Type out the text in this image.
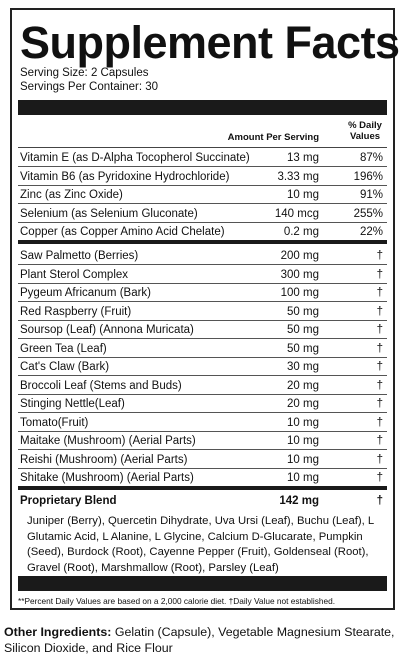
Supplement Facts
Serving Size: 2 Capsules
Servings Per Container: 30
Amount Per Serving
% Daily
Values
Vitamin E (as D-Alpha Tocopherol Succinate)	13 mg	87%
Vitamin B6 (as Pyridoxine Hydrochloride)	3.33 mg	196%
Zinc (as Zinc Oxide)	10 mg	91%
Selenium (as Selenium Gluconate)	140 mcg	255%
Copper (as Copper Amino Acid Chelate)	0.2 mg	22%
Saw Palmetto (Berries)	200 mg	†
Plant Sterol Complex	300 mg	†
Pygeum Africanum (Bark)	100 mg	†
Red Raspberry (Fruit)	50 mg	†
Soursop (Leaf) (Annona Muricata)	50 mg	†
Green Tea (Leaf)	50 mg	†
Cat's Claw (Bark)	30 mg	†
Broccoli Leaf (Stems and Buds)	20 mg	†
Stinging Nettle(Leaf)	20 mg	†
Tomato(Fruit)	10 mg	†
Maitake (Mushroom) (Aerial Parts)	10 mg	†
Reishi (Mushroom) (Aerial Parts)	10 mg	†
Shitake (Mushroom) (Aerial Parts)	10 mg	†
Proprietary Blend	142 mg	†
Juniper (Berry), Quercetin Dihydrate, Uva Ursi (Leaf), Buchu (Leaf), L Glutamic Acid, L Alanine, L Glycine, Calcium D-Glucarate, Pumpkin (Seed), Burdock (Root), Cayenne Pepper (Fruit), Goldenseal (Root), Gravel (Root), Marshmallow (Root), Parsley (Leaf)
**Percent Daily Values are based on a 2,000 calorie diet. †Daily Value not established.
Other Ingredients: Gelatin (Capsule), Vegetable Magnesium Stearate, Silicon Dioxide, and Rice Flour
